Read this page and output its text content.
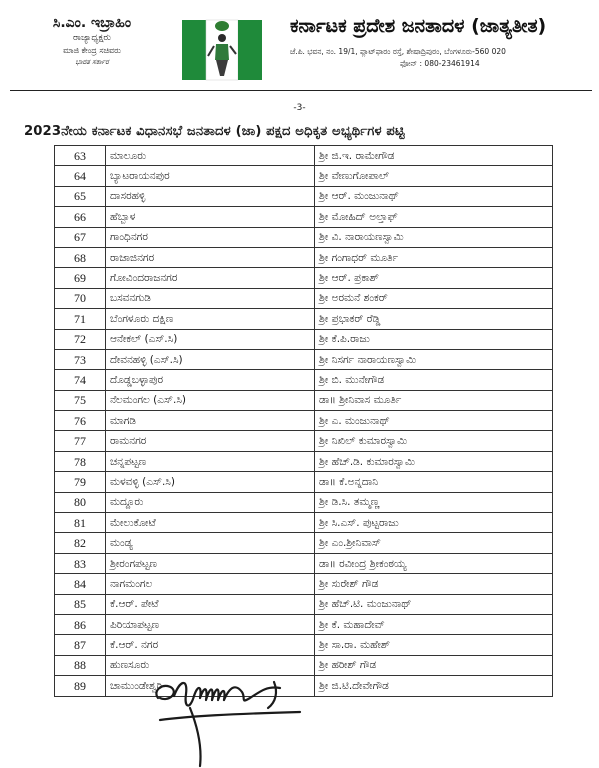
ಸಿ.ಎಂ. ಇಬ್ರಾಹಿಂ
ರಾಜ್ಯಾಧ್ಯಕ್ಷರು
ಮಾಜಿ ಕೇಂದ್ರ ಸಚಿವರು
ಭಾರತ ಸರ್ಕಾರ
ಕರ್ನಾಟಕ ಪ್ರದೇಶ ಜನತಾದಳ (ಜಾತ್ಯತೀತ)
ಜೆ.ಪಿ. ಭವನ, ನಂ. 19/1, ಪ್ಲಾಟ್‌ಫಾರಂ ರಸ್ತೆ, ಶೇಷಾದ್ರಿಪುರಂ, ಬೆಂಗಳೂರು-560 020
ಫೋನ್ : 080-23461914
-3-
2023ನೇಯ ಕರ್ನಾಟಕ ವಿಧಾನಸಭೆ ಜನತಾದಳ (ಜಾ) ಪಕ್ಷದ ಅಧಿಕೃತ ಅಭ್ಯರ್ಥಿಗಳ ಪಟ್ಟಿ
63	ಮಾಲೂರು	ಶ್ರೀ ಜಿ.ಇ. ರಾಮೇಗೌಡ
64	ಬ್ಯಾಟರಾಯನಪುರ	ಶ್ರೀ ವೇಣುಗೋಪಾಲ್
65	ದಾಸರಹಳ್ಳಿ	ಶ್ರೀ ಆರ್. ಮಂಜುನಾಥ್
66	ಹೆಬ್ಬಾಳ	ಶ್ರೀ ಮೋಹಿದ್ ಅಲ್ತಾಫ್
67	ಗಾಂಧಿನಗರ	ಶ್ರೀ ವಿ. ನಾರಾಯಣಸ್ವಾಮಿ
68	ರಾಜಾಜಿನಗರ	ಶ್ರೀ ಗಂಗಾಧರ್ ಮೂರ್ತಿ
69	ಗೋವಿಂದರಾಜನಗರ	ಶ್ರೀ ಆರ್. ಪ್ರಕಾಶ್
70	ಬಸವನಗುಡಿ	ಶ್ರೀ ಅರಮನೆ ಶಂಕರ್
71	ಬೆಂಗಳೂರು ದಕ್ಷಿಣ	ಶ್ರೀ ಪ್ರಭಾಕರ್ ರೆಡ್ಡಿ
72	ಆನೇಕಲ್ (ಎಸ್.ಸಿ)	ಶ್ರೀ ಕೆ.ಪಿ.ರಾಜು
73	ದೇವನಹಳ್ಳಿ (ಎಸ್.ಸಿ)	ಶ್ರೀ ನಿಸರ್ಗ ನಾರಾಯಣಸ್ವಾಮಿ
74	ದೊಡ್ಡಬಳ್ಳಾಪುರ	ಶ್ರೀ ಬಿ. ಮುನೇಗೌಡ
75	ನೆಲಮಂಗಲ (ಎಸ್.ಸಿ)	ಡಾ॥ ಶ್ರೀನಿವಾಸ ಮೂರ್ತಿ
76	ಮಾಗಡಿ	ಶ್ರೀ ಎ. ಮಂಜುನಾಥ್
77	ರಾಮನಗರ	ಶ್ರೀ ನಿಖಿಲ್ ಕುಮಾರಸ್ವಾಮಿ
78	ಚನ್ನಪಟ್ಟಣ	ಶ್ರೀ ಹೆಚ್.ಡಿ. ಕುಮಾರಸ್ವಾಮಿ
79	ಮಳವಳ್ಳಿ (ಎಸ್.ಸಿ)	ಡಾ॥ ಕೆ.ಅನ್ನದಾನಿ
80	ಮದ್ದೂರು	ಶ್ರೀ ಡಿ.ಸಿ. ತಮ್ಮಣ್ಣ
81	ಮೇಲುಕೋಟೆ	ಶ್ರೀ ಸಿ.ಎಸ್. ಪುಟ್ಟರಾಜು
82	ಮಂಡ್ಯ	ಶ್ರೀ ಎಂ.ಶ್ರೀನಿವಾಸ್
83	ಶ್ರೀರಂಗಪಟ್ಟಣ	ಡಾ॥ ರವೀಂದ್ರ ಶ್ರೀಕಂಠಯ್ಯ
84	ನಾಗಮಂಗಲ	ಶ್ರೀ ಸುರೇಶ್ ಗೌಡ
85	ಕೆ.ಆರ್. ಪೇಟೆ	ಶ್ರೀ ಹೆಚ್.ಟಿ. ಮಂಜುನಾಥ್
86	ಪಿರಿಯಾಪಟ್ಟಣ	ಶ್ರೀ ಕೆ. ಮಹಾದೇವ್
87	ಕೆ.ಆರ್. ನಗರ	ಶ್ರೀ ಸಾ.ರಾ. ಮಹೇಶ್
88	ಹುಣಸೂರು	ಶ್ರೀ ಹರೀಶ್ ಗೌಡ
89	ಚಾಮುಂಡೇಶ್ವರಿ	ಶ್ರೀ ಜಿ.ಟಿ.ದೇವೇಗೌಡ
